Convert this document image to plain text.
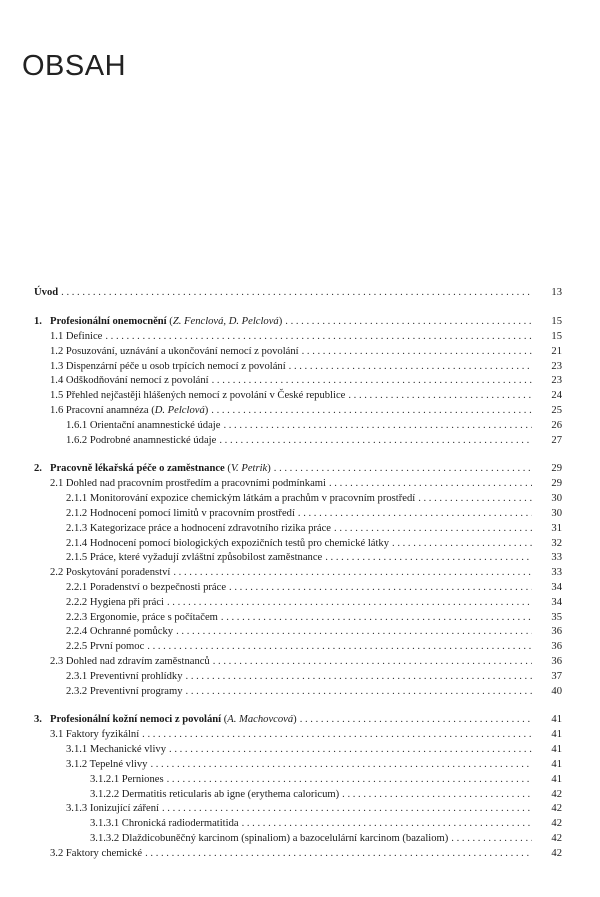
OBSAH
Úvod . . .	13
1. Profesionální onemocnění (Z. Fenclová, D. Pelclová) . . .	15
1.1 Definice . . .	15
1.2 Posuzování, uznávání a ukončování nemocí z povolání . . .	21
1.3 Dispenzární péče u osob trpících nemocí z povolání . . .	23
1.4 Odškodňování nemocí z povolání . . .	23
1.5 Přehled nejčastěji hlášených nemocí z povolání v České republice . . .	24
1.6 Pracovní anamnéza (D. Pelclová) . . .	25
1.6.1 Orientační anamnestické údaje . . .	26
1.6.2 Podrobné anamnestické údaje . . .	27
2. Pracovně lékařská péče o zaměstnance (V. Petrik) . . .	29
2.1 Dohled nad pracovním prostředím a pracovními podmínkami . . .	29
2.1.1 Monitorování expozice chemickým látkám a prachům v pracovním prostředí . . .	30
2.1.2 Hodnocení pomocí limitů v pracovním prostředí . . .	30
2.1.3 Kategorizace práce a hodnocení zdravotního rizika práce . . .	31
2.1.4 Hodnocení pomocí biologických expozičních testů pro chemické látky . . .	32
2.1.5 Práce, které vyžadují zvláštní způsobilost zaměstnance . . .	33
2.2 Poskytování poradenství . . .	33
2.2.1 Poradenství o bezpečnosti práce . . .	34
2.2.2 Hygiena při práci . . .	34
2.2.3 Ergonomie, práce s počítačem . . .	35
2.2.4 Ochranné pomůcky . . .	36
2.2.5 První pomoc . . .	36
2.3 Dohled nad zdravím zaměstnanců . . .	36
2.3.1 Preventivní prohlídky . . .	37
2.3.2 Preventivní programy . . .	40
3. Profesionální kožní nemoci z povolání (A. Machovcová) . . .	41
3.1 Faktory fyzikální . . .	41
3.1.1 Mechanické vlivy . . .	41
3.1.2 Tepelné vlivy . . .	41
3.1.2.1 Perniones . . .	41
3.1.2.2 Dermatitis reticularis ab igne (erythema caloricum) . . .	42
3.1.3 Ionizující záření . . .	42
3.1.3.1 Chronická radiodermatitida . . .	42
3.1.3.2 Dlaždicobuněčný karcinom (spinaliom) a bazocelulární karcinom (bazaliom) . . .	42
3.2 Faktory chemické . . .	42
